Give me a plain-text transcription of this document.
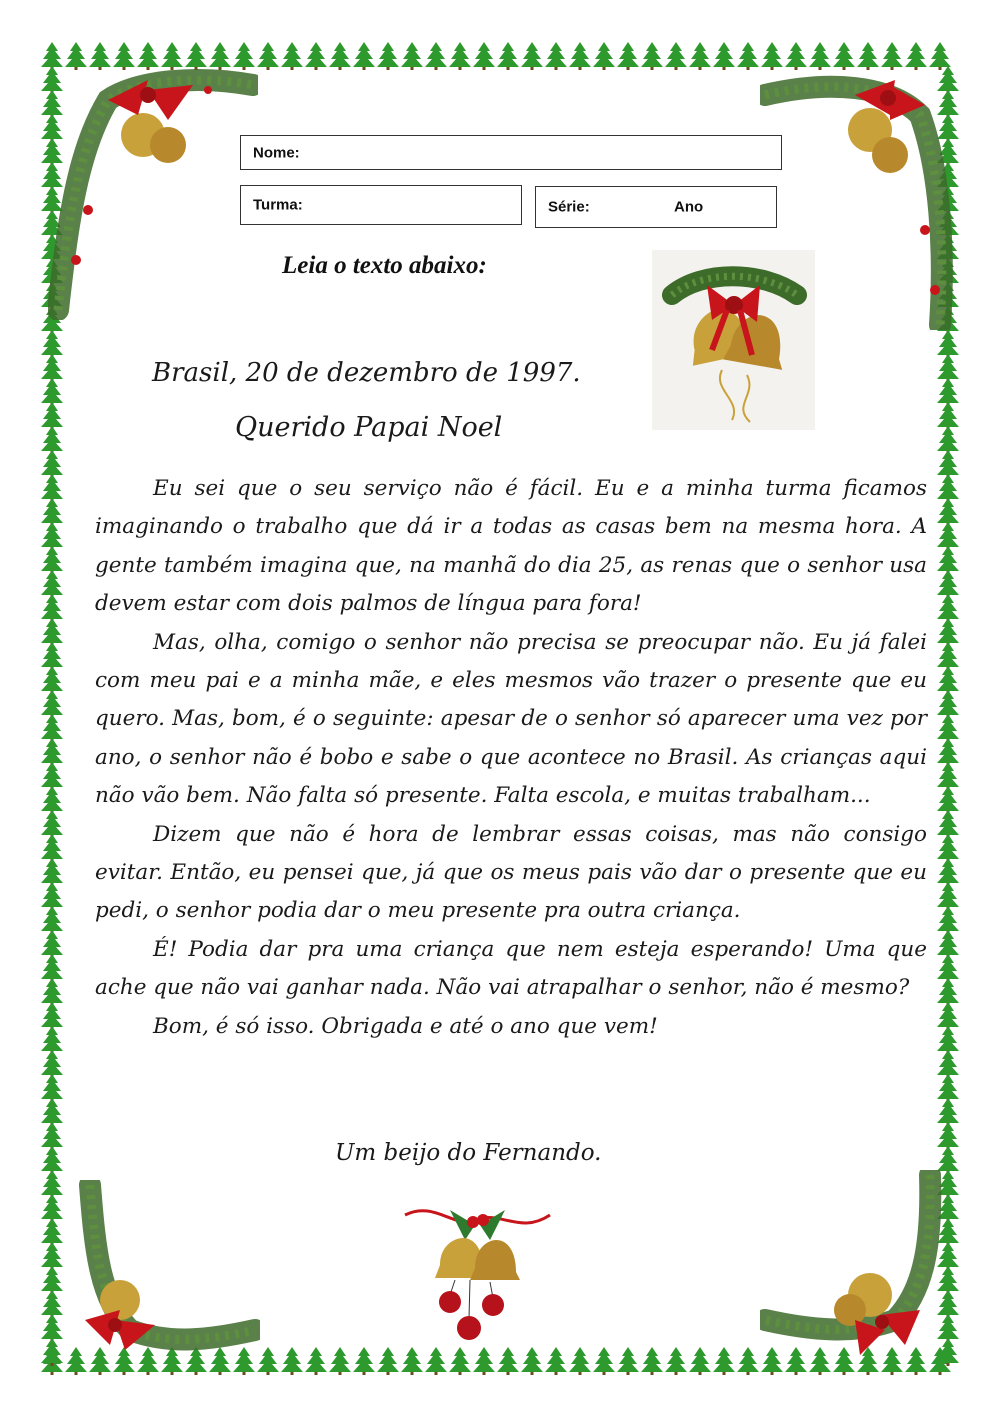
Nome:
Turma:	Série:	Ano
Leia o texto abaixo:
Brasil, 20 de dezembro de 1997.
Querido Papai Noel

Eu sei que o seu serviço não é fácil. Eu e a minha turma ficamos imaginando o trabalho que dá ir a todas as casas bem na mesma hora. A gente também imagina que, na manhã do dia 25, as renas que o senhor usa devem estar com dois palmos de língua para fora!

Mas, olha, comigo o senhor não precisa se preocupar não. Eu já falei com meu pai e a minha mãe, e eles mesmos vão trazer o presente que eu quero. Mas, bom, é o seguinte: apesar de o senhor só aparecer uma vez por ano, o senhor não é bobo e sabe o que acontece no Brasil. As crianças aqui não vão bem. Não falta só presente. Falta escola, e muitas trabalham...

Dizem que não é hora de lembrar essas coisas, mas não consigo evitar. Então, eu pensei que, já que os meus pais vão dar o presente que eu pedi, o senhor podia dar o meu presente pra outra criança.

É! Podia dar pra uma criança que nem esteja esperando! Uma que ache que não vai ganhar nada. Não vai atrapalhar o senhor, não é mesmo?

Bom, é só isso. Obrigada e até o ano que vem!

Um beijo do Fernando.
